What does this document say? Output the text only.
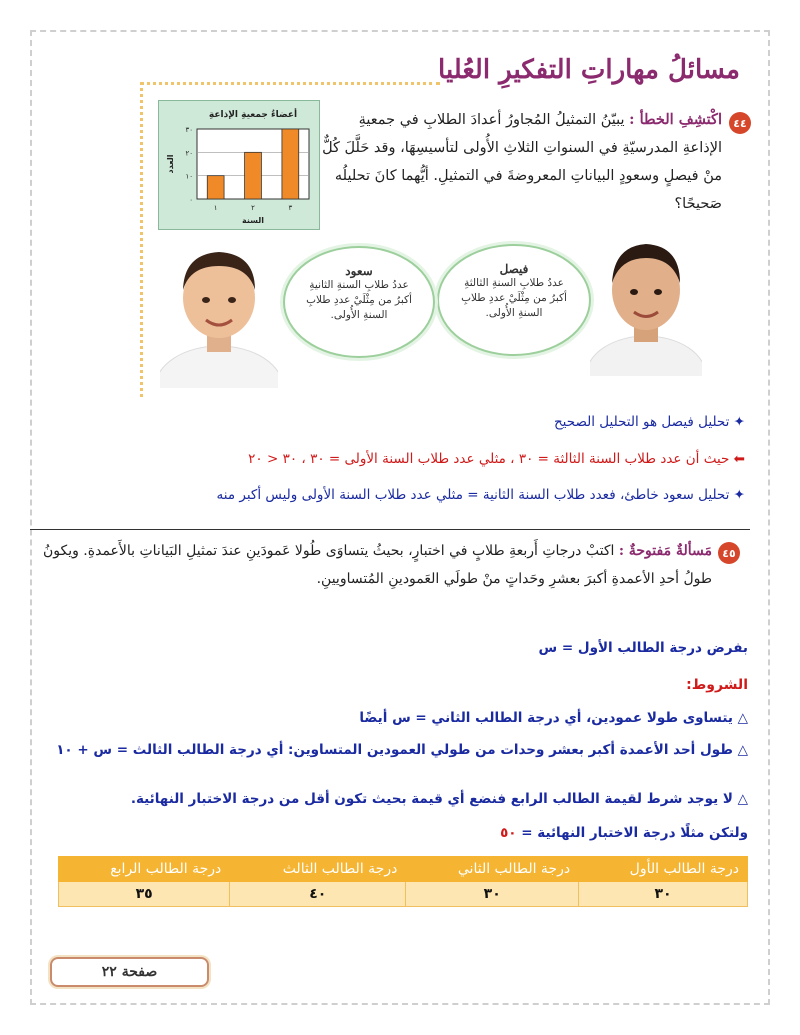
مسائلُ مهاراتِ التفكيرِ العُليا
٤٤
اكْتشِفِ الخطأ : يبيّنُ التمثيلُ المُجاورُ أعدادَ الطلابِ في جمعيةِ الإذاعةِ المدرسيّةِ في السنواتِ الثلاثِ الأُولى لتأسيسِهَا، وقد حَلَّلَ كُلٌّ منْ فيصلٍ وسعودٍ البياناتِ المعروضةَ في التمثيلِ. أيُّهما كانَ تحليلُه صَحيحًا؟
أعضاءُ جمعيةِ الإذاعةِ
٠
١٠
٢٠
٣٠
١	٢	٣
السنة
العدد
فيصل
عددُ طلابِ السنةِ الثالثةِ أكبرُ من مِثْلَيْ عددِ طلابِ السنةِ الأُولى.
سعود
عددُ طلابِ السنةِ الثانيةِ أكبرُ من مِثْلَيْ عددِ طلابِ السنةِ الأُولى.
✦ تحليل فيصل هو التحليل الصحيح
⬅ حيث أن عدد طلاب السنة الثالثة = ٣٠ ، مثلي عدد طلاب السنة الأولى = ٣٠ ، ٣٠ < ٢٠
✦ تحليل سعود خاطئ، فعدد طلاب السنة الثانية = مثلي عدد طلاب السنة الأولى وليس أكبر منه
٤٥
مَسألةٌ مَفتوحةٌ : اكتبْ درجاتِ أَربعةِ طلابٍ في اختبارٍ، بحيثُ يتساوَى طُولا عَمودَينِ عندَ تمثيلِ البَياناتِ بالأَعمدةِ. ويكونُ طولُ أحدِ الأعمدةِ أكبرَ بعشرِ وحَداتٍ منْ طولَي العَمودينِ المُتساويينِ.
بفرض درجة الطالب الأول = س
الشروط:
△ يتساوى طولا عمودين، أي درجة الطالب الثاني = س أيضًا
△ طول أحد الأعمدة أكبر بعشر وحدات من طولي العمودين المتساوين: أي درجة الطالب الثالث = س + ١٠
△ لا يوجد شرط لقيمة الطالب الرابع فنضع أي قيمة بحيث تكون أقل من درجة الاختبار النهائية.
ولتكن مثلًا درجة الاختبار النهائية = ٥٠
درجة الطالب الأول	درجة الطالب الثاني	درجة الطالب الثالث	درجة الطالب الرابع
٣٠	٣٠	٤٠	٣٥
صفحة ٢٢
